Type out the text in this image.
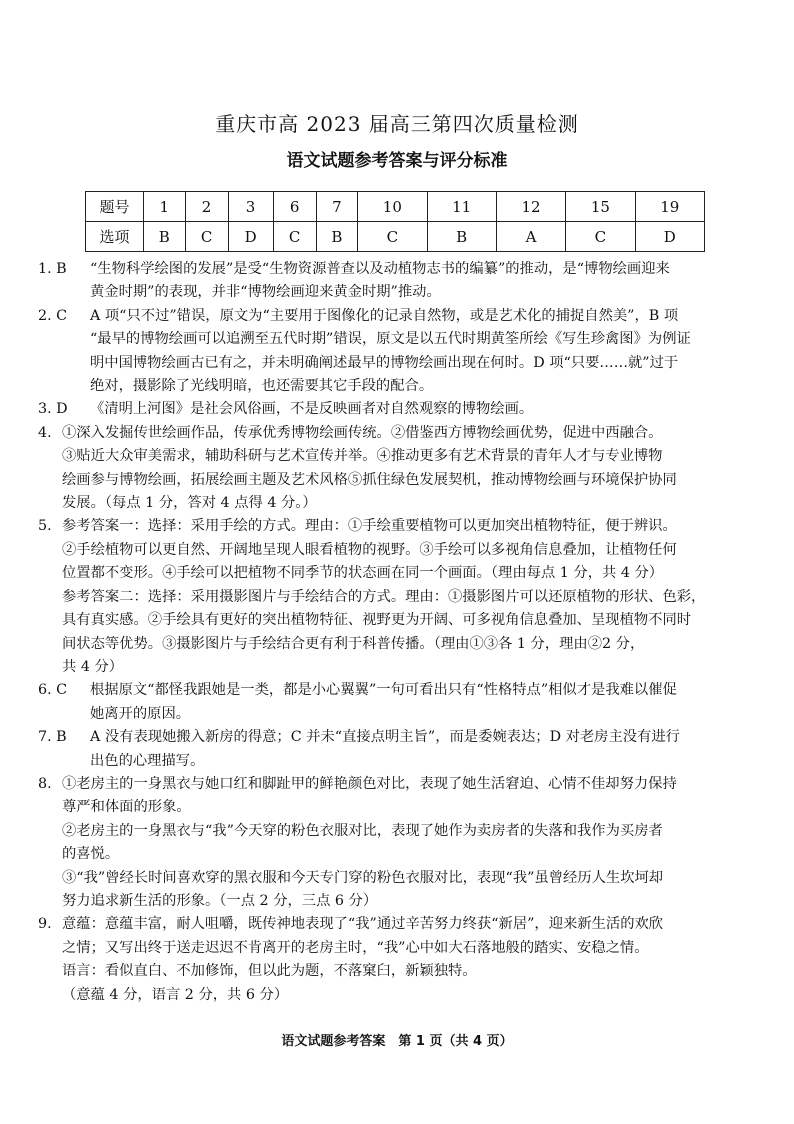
重庆市高 2023 届高三第四次质量检测
语文试题参考答案与评分标准
题号	1	2	3	6	7	10	11	12	15	19
选项	B	C	D	C	B	C	B	A	C	D
1. B “生物科学绘图的发展”是受“生物资源普查以及动植物志书的编纂”的推动，是“博物绘画迎来
黄金时期”的表现，并非“博物绘画迎来黄金时期”推动。
2. C A 项“只不过”错误，原文为“主要用于图像化的记录自然物，或是艺术化的捕捉自然美”，B 项
“最早的博物绘画可以追溯至五代时期”错误，原文是以五代时期黄筌所绘《写生珍禽图》为例证
明中国博物绘画古已有之，并未明确阐述最早的博物绘画出现在何时。D 项“只要……就”过于
绝对，摄影除了光线明暗，也还需要其它手段的配合。
3. D 《清明上河图》是社会风俗画，不是反映画者对自然观察的博物绘画。
4. ①深入发掘传世绘画作品，传承优秀博物绘画传统。②借鉴西方博物绘画优势，促进中西融合。
③贴近大众审美需求，辅助科研与艺术宣传并举。④推动更多有艺术背景的青年人才与专业博物
绘画参与博物绘画，拓展绘画主题及艺术风格⑤抓住绿色发展契机，推动博物绘画与环境保护协同
发展。（每点 1 分，答对 4 点得 4 分。）
5. 参考答案一：选择：采用手绘的方式。理由：①手绘重要植物可以更加突出植物特征，便于辨识。
②手绘植物可以更自然、开阔地呈现人眼看植物的视野。③手绘可以多视角信息叠加，让植物任何
位置都不变形。④手绘可以把植物不同季节的状态画在同一个画面。（理由每点 1 分，共 4 分）
参考答案二：选择：采用摄影图片与手绘结合的方式。理由：①摄影图片可以还原植物的形状、色彩，
具有真实感。②手绘具有更好的突出植物特征、视野更为开阔、可多视角信息叠加、呈现植物不同时
间状态等优势。③摄影图片与手绘结合更有利于科普传播。（理由①③各 1 分，理由②2 分，
共 4 分）
6. C 根据原文“都怪我跟她是一类，都是小心翼翼”一句可看出只有“性格特点”相似才是我难以催促
她离开的原因。
7. B A 没有表现她搬入新房的得意；C 并未“直接点明主旨”，而是委婉表达；D 对老房主没有进行
出色的心理描写。
8. ①老房主的一身黑衣与她口红和脚趾甲的鲜艳颜色对比，表现了她生活窘迫、心情不佳却努力保持
尊严和体面的形象。
②老房主的一身黑衣与“我”今天穿的粉色衣服对比，表现了她作为卖房者的失落和我作为买房者
的喜悦。
③“我”曾经长时间喜欢穿的黑衣服和今天专门穿的粉色衣服对比，表现“我”虽曾经历人生坎坷却
努力追求新生活的形象。（一点 2 分，三点 6 分）
9. 意蕴：意蕴丰富，耐人咀嚼，既传神地表现了“我”通过辛苦努力终获“新居”，迎来新生活的欢欣
之情；又写出终于送走迟迟不肯离开的老房主时，“我”心中如大石落地般的踏实、安稳之情。
语言：看似直白、不加修饰，但以此为题，不落窠臼，新颖独特。
（意蕴 4 分，语言 2 分，共 6 分）
语文试题参考答案　第 1 页（共 4 页）
